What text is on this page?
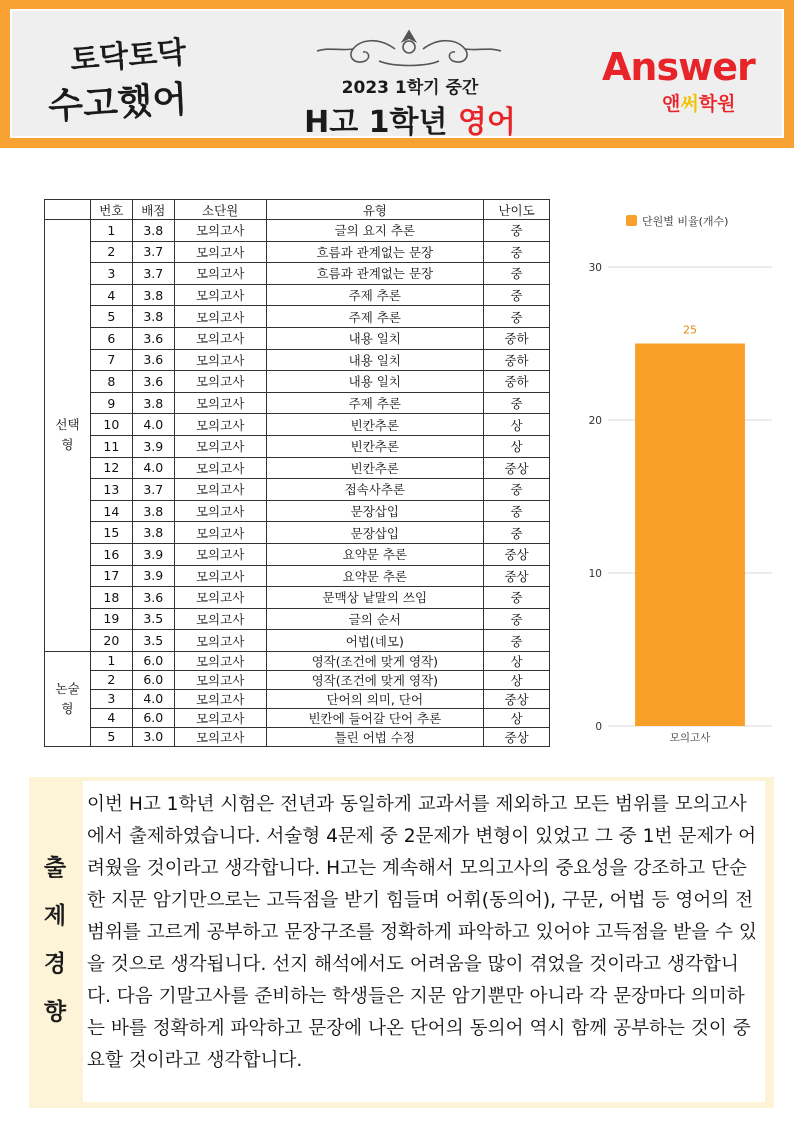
토닥토닥
수고했어	2023 1학기 중간
H고 1학년 영어
Answer
앤써학원
	번호	배점	소단원	유형	난이도

선택형	1	3.8	모의고사	글의 요지 추론	중
	2	3.7	모의고사	흐름과 관계없는 문장	중
	3	3.7	모의고사	흐름과 관계없는 문장	중
	4	3.8	모의고사	주제 추론	중
	5	3.8	모의고사	주제 추론	중
	6	3.6	모의고사	내용 일치	중하
	7	3.6	모의고사	내용 일치	중하
	8	3.6	모의고사	내용 일치	중하
	9	3.8	모의고사	주제 추론	중
	10	4.0	모의고사	빈칸추론	상
	11	3.9	모의고사	빈칸추론	상
	12	4.0	모의고사	빈칸추론	중상
	13	3.7	모의고사	접속사추론	중
	14	3.8	모의고사	문장삽입	중
	15	3.8	모의고사	문장삽입	중
	16	3.9	모의고사	요약문 추론	중상
	17	3.9	모의고사	요약문 추론	중상
	18	3.6	모의고사	문맥상 낱말의 쓰임	중
	19	3.5	모의고사	글의 순서	중
	20	3.5	모의고사	어법(네모)	중

논술형	1	6.0	모의고사	영작(조건에 맞게 영작)	상
	2	6.0	모의고사	영작(조건에 맞게 영작)	상
	3	4.0	모의고사	단어의 의미, 단어	중상
	4	6.0	모의고사	빈칸에 들어갈 단어 추론	상
	5	3.0	모의고사	틀린 어법 수정	중상
단원별 비율(개수)
0
10
20
30
25
모의고사
출
제
경
향
이번 H고 1학년 시험은 전년과 동일하게 교과서를 제외하고 모든 범위를 모의고사에서 출제하였습니다. 서술형 4문제 중 2문제가 변형이 있었고 그 중 1번 문제가 어려웠을 것이라고 생각합니다. H고는 계속해서 모의고사의 중요성을 강조하고 단순한 지문 암기만으로는 고득점을 받기 힘들며 어휘(동의어), 구문, 어법 등 영어의 전 범위를 고르게 공부하고 문장구조를 정확하게 파악하고 있어야 고득점을 받을 수 있을 것으로 생각됩니다. 선지 해석에서도 어려움을 많이 겪었을 것이라고 생각합니다. 다음 기말고사를 준비하는 학생들은 지문 암기뿐만 아니라 각 문장마다 의미하는 바를 정확하게 파악하고 문장에 나온 단어의 동의어 역시 함께 공부하는 것이 중요할 것이라고 생각합니다.
